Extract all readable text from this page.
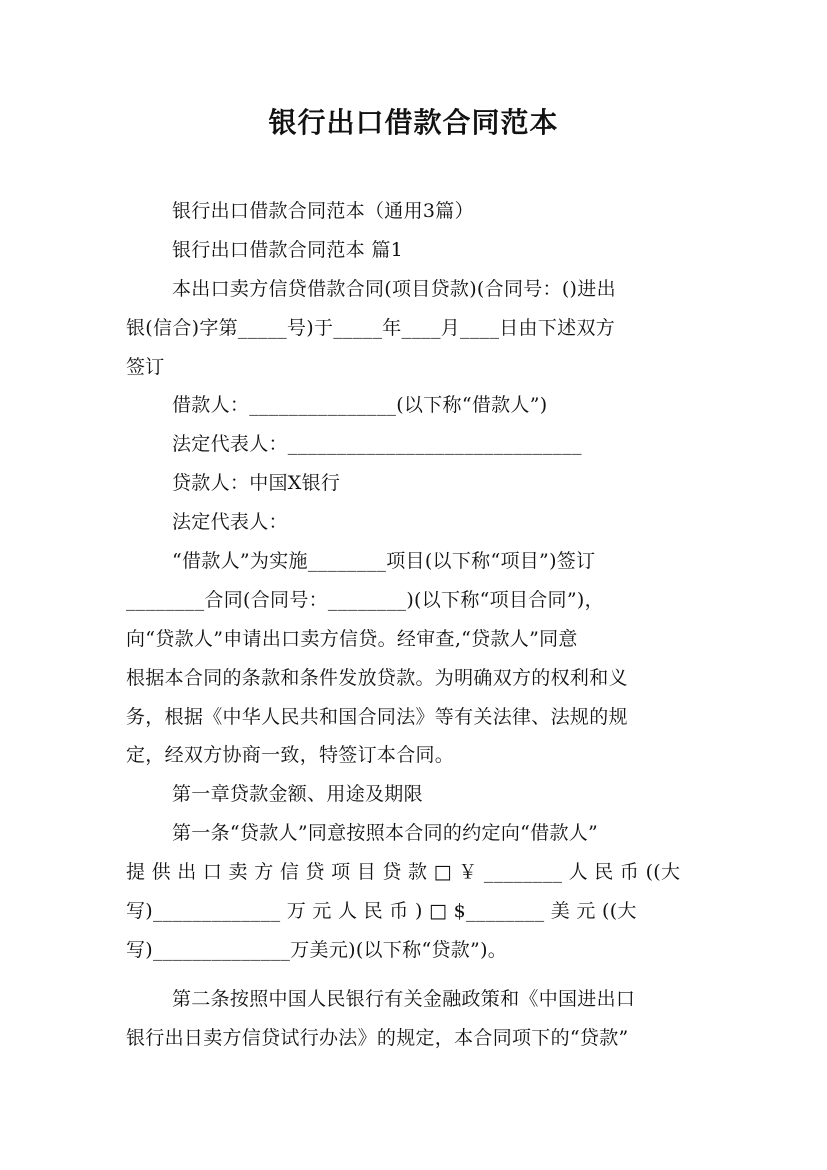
银行出口借款合同范本
银行出口借款合同范本（通用3篇）
银行出口借款合同范本 篇1
本出口卖方信贷借款合同(项目贷款)(合同号：()进出
银(信合)字第_____号)于_____年____月____日由下述双方
签订
借款人：_______________(以下称“借款人”)
法定代表人：______________________________
贷款人：中国X银行
法定代表人：
“借款人”为实施________项目(以下称“项目”)签订
________合同(合同号：________)(以下称“项目合同”)，
向“贷款人”申请出口卖方信贷。经审查,“贷款人”同意
根据本合同的条款和条件发放贷款。为明确双方的权利和义
务，根据《中华人民共和国合同法》等有关法律、法规的规
定，经双方协商一致，特签订本合同。
第一章贷款金额、用途及期限
第一条“贷款人”同意按照本合同的约定向“借款人”
提 供 出 口 卖 方 信 贷 项 目 贷 款 □ ￥ ________ 人 民 币 ((大
写)_____________ 万 元 人 民 币 ) □ $________ 美 元 ((大
写)______________万美元)(以下称“贷款”)。
第二条按照中国人民银行有关金融政策和《中国进出口
银行出日卖方信贷试行办法》的规定，本合同项下的“贷款”
